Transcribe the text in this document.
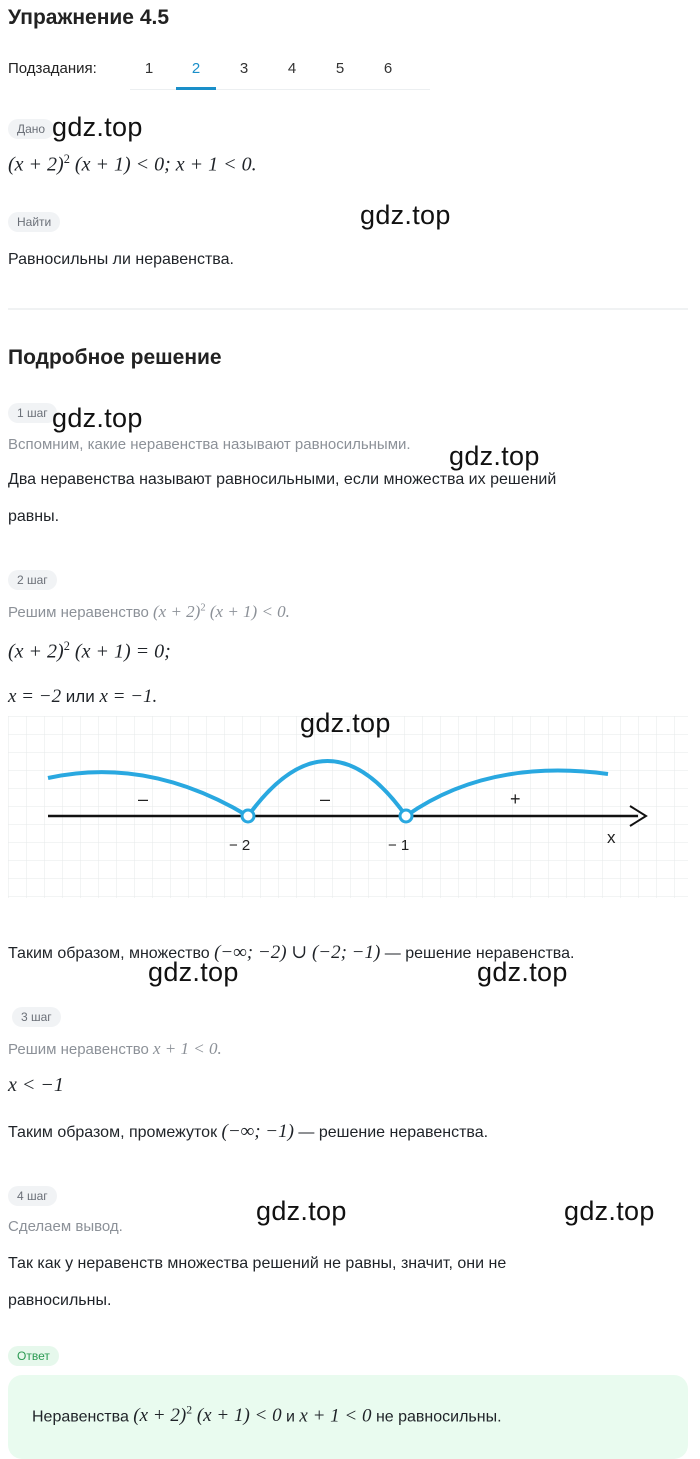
Упражнение 4.5
Подзадания:	1	2	3	4	5	6
Дано
$(x + 2)^2$ (x + 1) < 0; x + 1 < 0.
Найти
Равносильны ли неравенства.
Подробное решение
1 шаг
Вспомним, какие неравенства называют равносильными.
Два неравенства называют равносильными, если множества их решений
равны.
2 шаг
Решим неравенство $(x + 2)^2$ (x + 1) < 0.
$(x + 2)^2$ (x + 1) = 0;
x = −2 или x = −1.
–	–	+
− 2	− 1	x
Таким образом, множество (−∞; −2) ∪ (−2; −1) — решение неравенства.
3 шаг
Решим неравенство x + 1 < 0.
x < −1
Таким образом, промежуток (−∞; −1) — решение неравенства.
4 шаг
Сделаем вывод.
Так как у неравенств множества решений не равны, значит, они не
равносильны.
Ответ
Неравенства $(x + 2)^2$ (x + 1) < 0 и x + 1 < 0 не равносильны.
gdz.top
gdz.top
gdz.top
gdz.top
gdz.top
gdz.top	gdz.top
gdz.top	gdz.top
